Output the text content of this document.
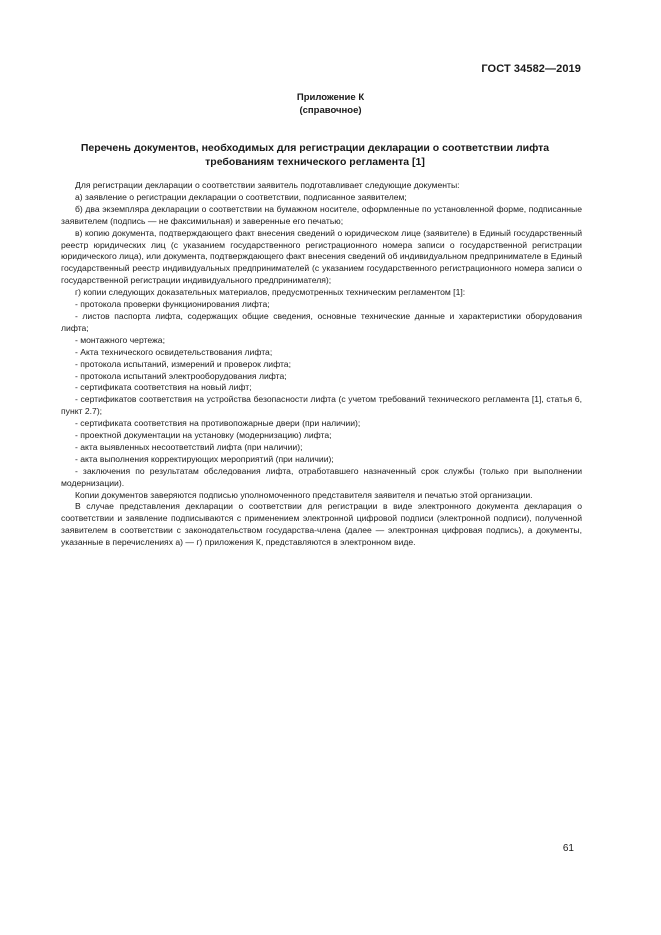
ГОСТ 34582—2019
Приложение К
(справочное)
Перечень документов, необходимых для регистрации декларации о соответствии лифта
требованиям технического регламента [1]

Для регистрации декларации о соответствии заявитель подготавливает следующие документы:

а) заявление о регистрации декларации о соответствии, подписанное заявителем;

б) два экземпляра декларации о соответствии на бумажном носителе, оформленные по установленной форме, подписанные заявителем (подпись — не факсимильная) и заверенные его печатью;

в) копию документа, подтверждающего факт внесения сведений о юридическом лице (заявителе) в Единый государственный реестр юридических лиц (с указанием государственного регистрационного номера записи о государственной регистрации юридического лица), или документа, подтверждающего факт внесения сведений об индивидуальном предпринимателе в Единый государственный реестр индивидуальных предпринимателей (с указанием государственного регистрационного номера записи о государственной регистрации индивидуального предпринимателя);

г) копии следующих доказательных материалов, предусмотренных техническим регламентом [1]:

- протокола проверки функционирования лифта;

- листов паспорта лифта, содержащих общие сведения, основные технические данные и характеристики оборудования лифта;

- монтажного чертежа;

- Акта технического освидетельствования лифта;

- протокола испытаний, измерений и проверок лифта;

- протокола испытаний электрооборудования лифта;

- сертификата соответствия на новый лифт;

- сертификатов соответствия на устройства безопасности лифта (с учетом требований технического регламента [1], статья 6, пункт 2.7);

- сертификата соответствия на противопожарные двери (при наличии);

- проектной документации на установку (модернизацию) лифта;

- акта выявленных несоответствий лифта (при наличии);

- акта выполнения корректирующих мероприятий (при наличии);

- заключения по результатам обследования лифта, отработавшего назначенный срок службы (только при выполнении модернизации).

Копии документов заверяются подписью уполномоченного представителя заявителя и печатью этой организации.

В случае представления декларации о соответствии для регистрации в виде электронного документа декларация о соответствии и заявление подписываются с применением электронной цифровой подписи (электронной подписи), полученной заявителем в соответствии с законодательством государства-члена (далее — электронная цифровая подпись), а документы, указанные в перечислениях а) — г) приложения К, представляются в электронном виде.

61
